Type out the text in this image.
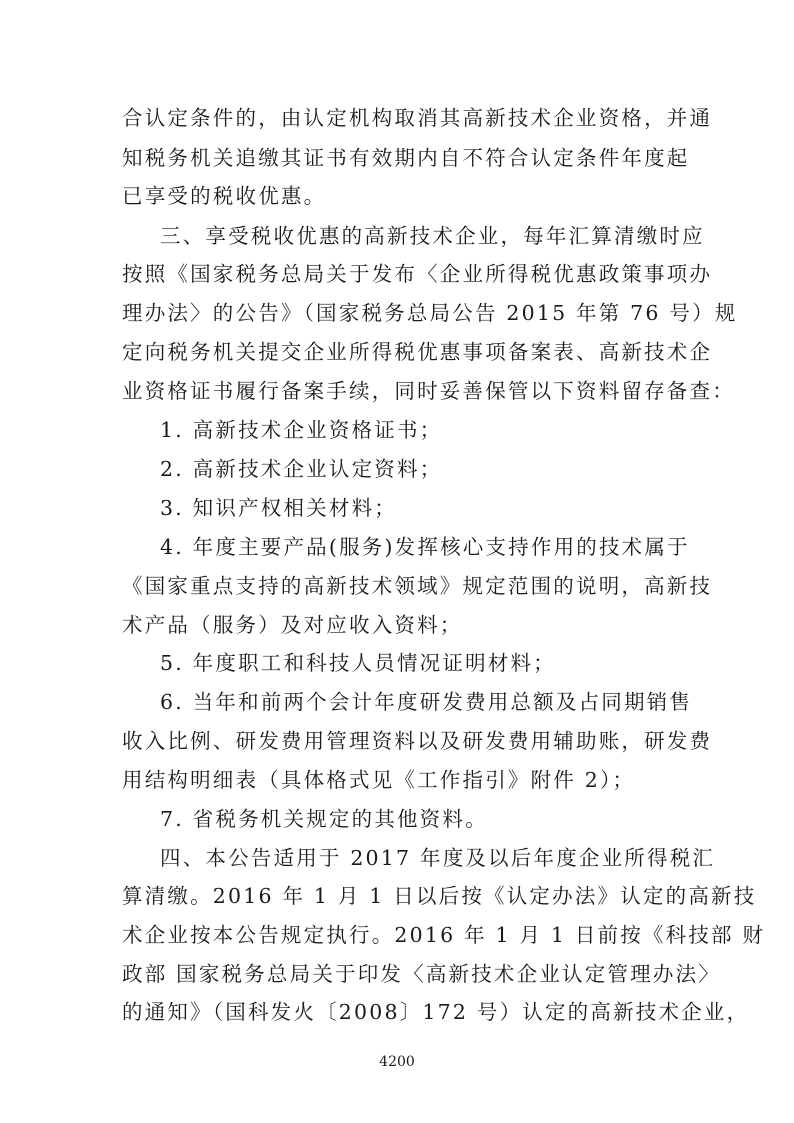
合认定条件的，由认定机构取消其高新技术企业资格，并通
知税务机关追缴其证书有效期内自不符合认定条件年度起
已享受的税收优惠。
三、享受税收优惠的高新技术企业，每年汇算清缴时应
按照《国家税务总局关于发布〈企业所得税优惠政策事项办
理办法〉的公告》（国家税务总局公告 2015 年第 76 号）规
定向税务机关提交企业所得税优惠事项备案表、高新技术企
业资格证书履行备案手续，同时妥善保管以下资料留存备查：
1. 高新技术企业资格证书；
2. 高新技术企业认定资料；
3. 知识产权相关材料；
4. 年度主要产品(服务)发挥核心支持作用的技术属于
《国家重点支持的高新技术领域》规定范围的说明，高新技
术产品（服务）及对应收入资料；
5. 年度职工和科技人员情况证明材料；
6. 当年和前两个会计年度研发费用总额及占同期销售
收入比例、研发费用管理资料以及研发费用辅助账，研发费
用结构明细表（具体格式见《工作指引》附件 2）；
7. 省税务机关规定的其他资料。
四、本公告适用于 2017 年度及以后年度企业所得税汇
算清缴。2016 年 1 月 1 日以后按《认定办法》认定的高新技
术企业按本公告规定执行。2016 年 1 月 1 日前按《科技部 财
政部 国家税务总局关于印发〈高新技术企业认定管理办法〉
的通知》（国科发火〔2008〕172 号）认定的高新技术企业，
4200
